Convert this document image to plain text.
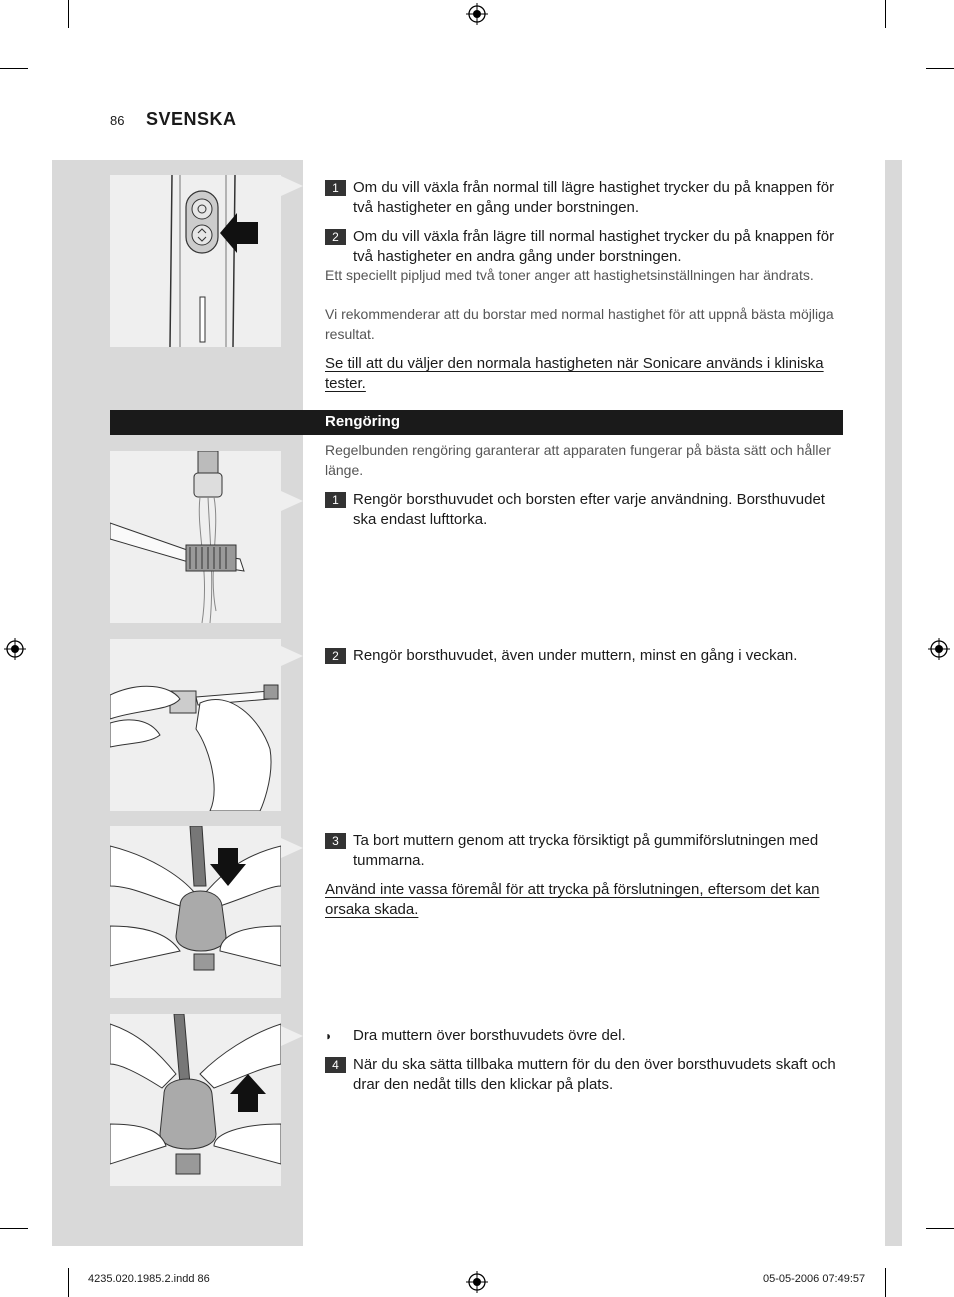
86 SVENSKA
1 Om du vill växla från normal till lägre hastighet trycker du på knappen för två hastigheter en gång under borstningen.
2 Om du vill växla från lägre till normal hastighet trycker du på knappen för två hastigheter en andra gång under borstningen.
Ett speciellt pipljud med två toner anger att hastighetsinställningen har ändrats.
Vi rekommenderar att du borstar med normal hastighet för att uppnå bästa möjliga resultat.
Se till att du väljer den normala hastigheten när Sonicare används i kliniska tester.
Rengöring
Regelbunden rengöring garanterar att apparaten fungerar på bästa sätt och håller länge.
1 Rengör borsthuvudet och borsten efter varje användning. Borsthuvudet ska endast lufttorka.
2 Rengör borsthuvudet, även under muttern, minst en gång i veckan.
3 Ta bort muttern genom att trycka försiktigt på gummiförslutningen med tummarna.
Använd inte vassa föremål för att trycka på förslutningen, eftersom det kan orsaka skada.
◗ Dra muttern över borsthuvudets övre del.
4 När du ska sätta tillbaka muttern för du den över borsthuvudets skaft och drar den nedåt tills den klickar på plats.
4235.020.1985.2.indd 86	05-05-2006 07:49:57
